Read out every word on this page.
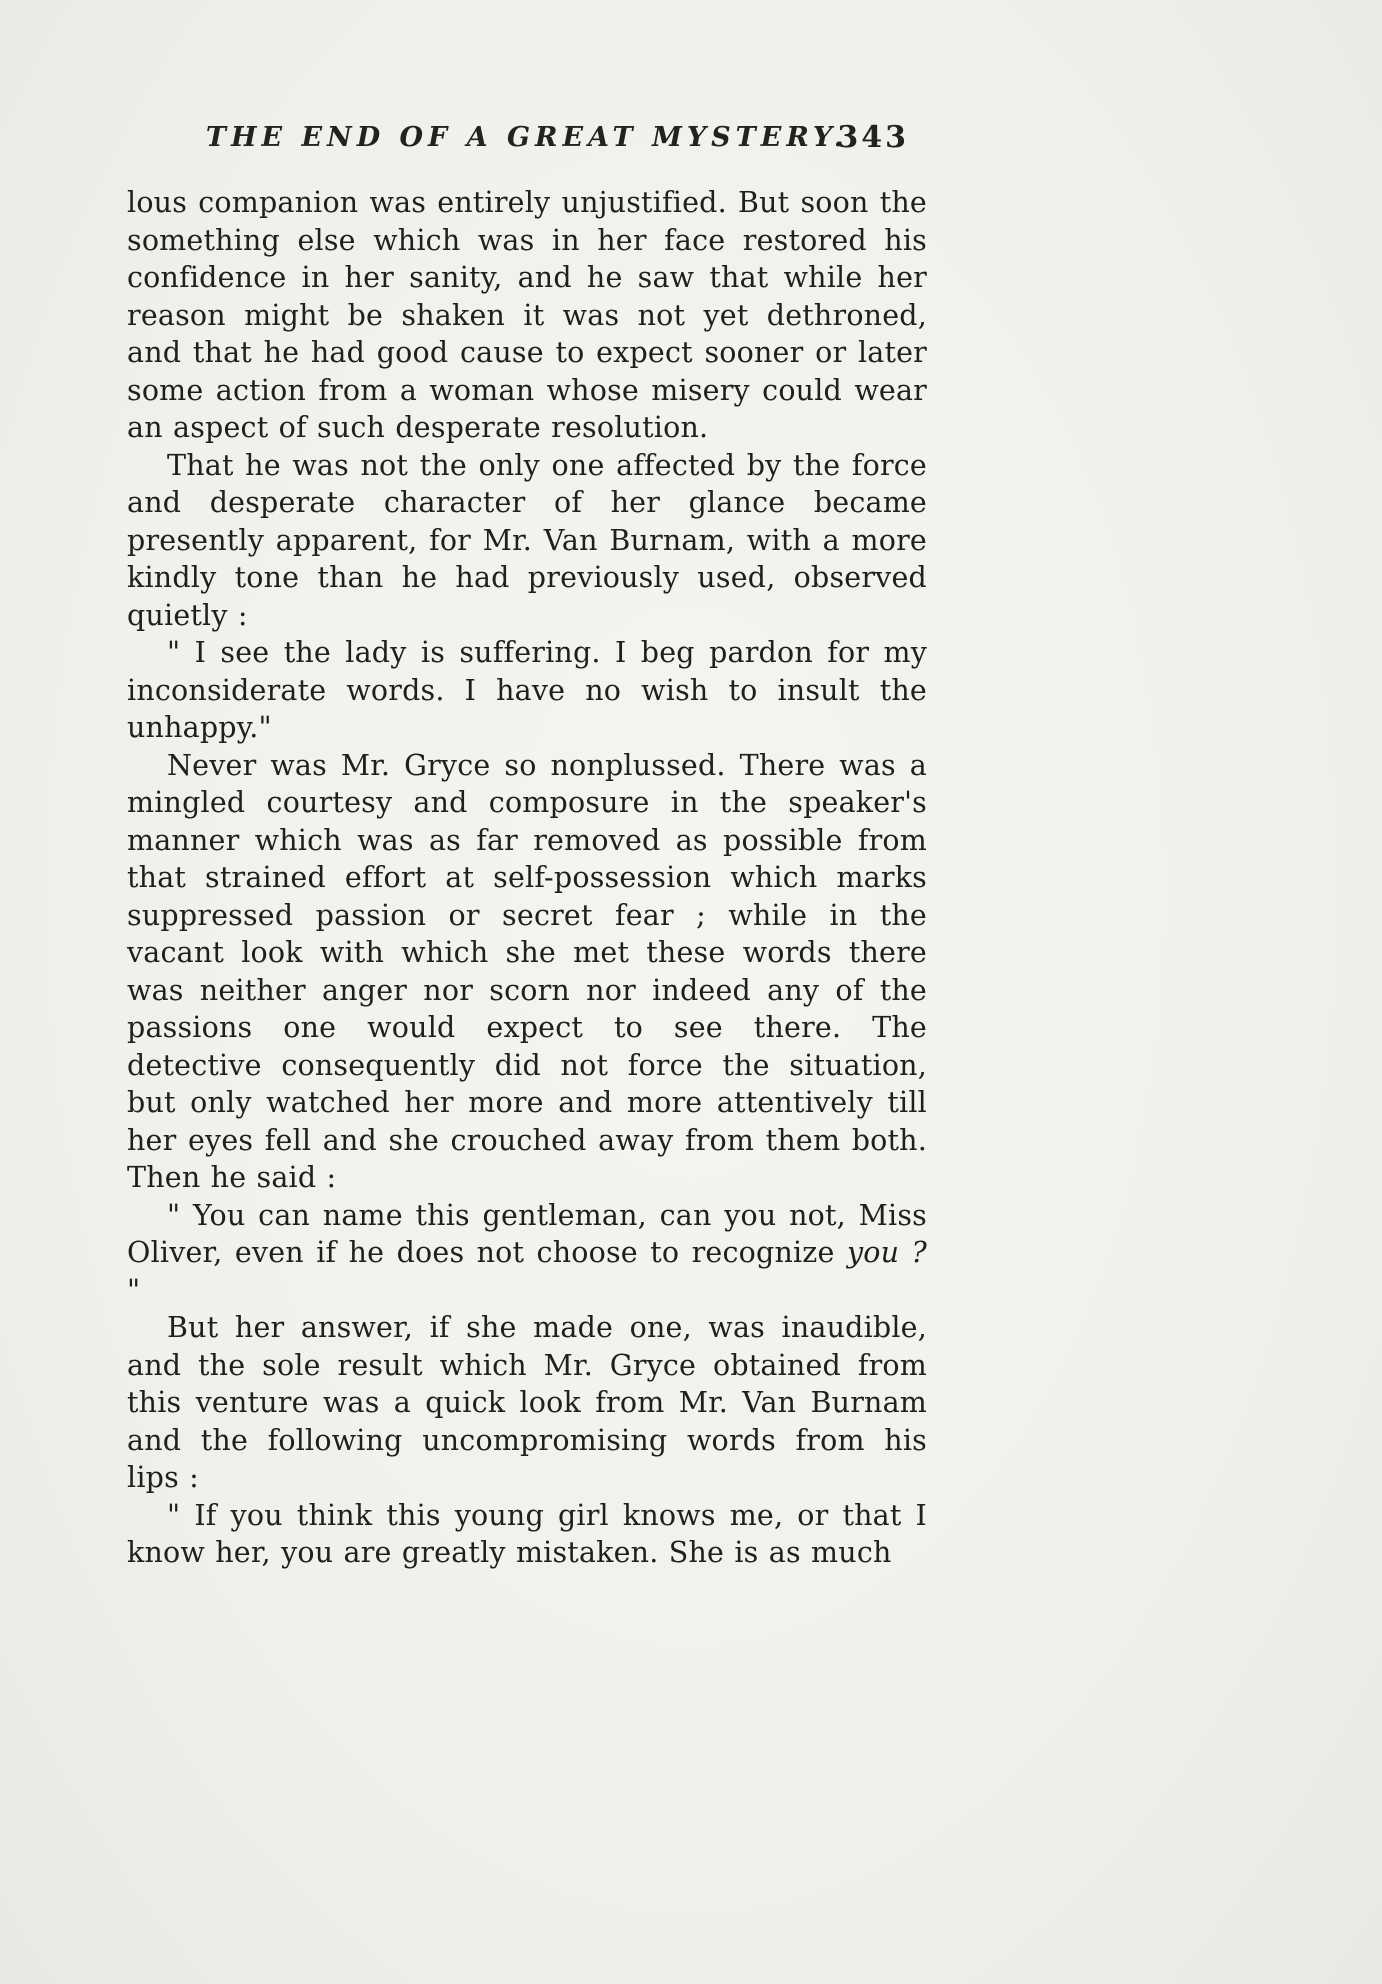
THE END OF A GREAT MYSTERY.
343

lous companion was entirely unjustified. But soon the something else which was in her face restored his confidence in her sanity, and he saw that while her reason might be shaken it was not yet dethroned, and that he had good cause to expect sooner or later some action from a woman whose misery could wear an aspect of such desperate resolution.

That he was not the only one affected by the force and desperate character of her glance became presently apparent, for Mr. Van Burnam, with a more kindly tone than he had previously used, observed quietly :

" I see the lady is suffering. I beg pardon for my inconsiderate words. I have no wish to insult the unhappy."

Never was Mr. Gryce so nonplussed. There was a mingled courtesy and composure in the speaker's manner which was as far removed as possible from that strained effort at self-possession which marks suppressed passion or secret fear ; while in the vacant look with which she met these words there was neither anger nor scorn nor indeed any of the passions one would expect to see there. The detective consequently did not force the situation, but only watched her more and more attentively till her eyes fell and she crouched away from them both. Then he said :

" You can name this gentleman, can you not, Miss Oliver, even if he does not choose to recognize you ? "

But her answer, if she made one, was inaudible, and the sole result which Mr. Gryce obtained from this venture was a quick look from Mr. Van Burnam and the following uncompromising words from his lips :

" If you think this young girl knows me, or that I know her, you are greatly mistaken. She is as much
